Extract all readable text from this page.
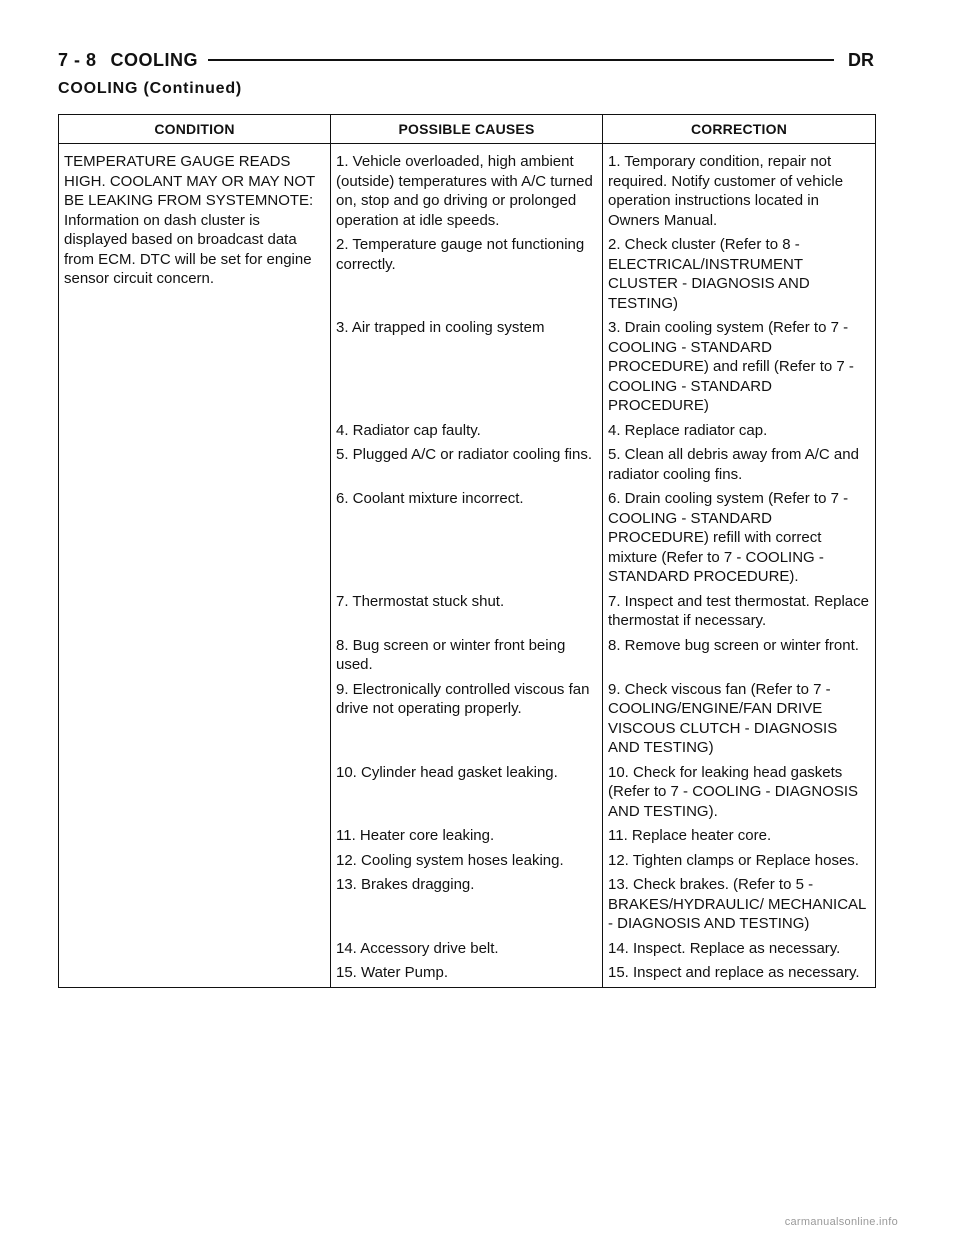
7 - 8 COOLING	DR
COOLING (Continued)
CONDITION	POSSIBLE CAUSES	CORRECTION

TEMPERATURE GAUGE READS HIGH. COOLANT MAY OR MAY NOT BE LEAKING FROM SYSTEMNOTE:
Information on dash cluster is displayed based on broadcast data from ECM. DTC will be set for engine sensor circuit concern.	1. Vehicle overloaded, high ambient (outside) temperatures with A/C turned on, stop and go driving or prolonged operation at idle speeds.	1. Temporary condition, repair not required. Notify customer of vehicle operation instructions located in Owners Manual.

	2. Temperature gauge not functioning correctly.	2. Check cluster (Refer to 8 - ELECTRICAL/INSTRUMENT CLUSTER - DIAGNOSIS AND TESTING)

	3. Air trapped in cooling system	3. Drain cooling system (Refer to 7 - COOLING - STANDARD PROCEDURE) and refill (Refer to 7 - COOLING - STANDARD PROCEDURE)

	4. Radiator cap faulty.	4. Replace radiator cap.

	5. Plugged A/C or radiator cooling fins.	5. Clean all debris away from A/C and radiator cooling fins.

	6. Coolant mixture incorrect.	6. Drain cooling system (Refer to 7 - COOLING - STANDARD PROCEDURE) refill with correct mixture (Refer to 7 - COOLING - STANDARD PROCEDURE).

	7. Thermostat stuck shut.	7. Inspect and test thermostat. Replace thermostat if necessary.

	8. Bug screen or winter front being used.	8. Remove bug screen or winter front.

	9. Electronically controlled viscous fan drive not operating properly.	9. Check viscous fan (Refer to 7 - COOLING/ENGINE/FAN DRIVE VISCOUS CLUTCH - DIAGNOSIS AND TESTING)

	10. Cylinder head gasket leaking.	10. Check for leaking head gaskets (Refer to 7 - COOLING - DIAGNOSIS AND TESTING).

	11. Heater core leaking.	11. Replace heater core.

	12. Cooling system hoses leaking.	12. Tighten clamps or Replace hoses.

	13. Brakes dragging.	13. Check brakes. (Refer to 5 - BRAKES/HYDRAULIC/ MECHANICAL - DIAGNOSIS AND TESTING)

	14. Accessory drive belt.	14. Inspect. Replace as necessary.

	15. Water Pump.	15. Inspect and replace as necessary.
carmanualsonline.info
